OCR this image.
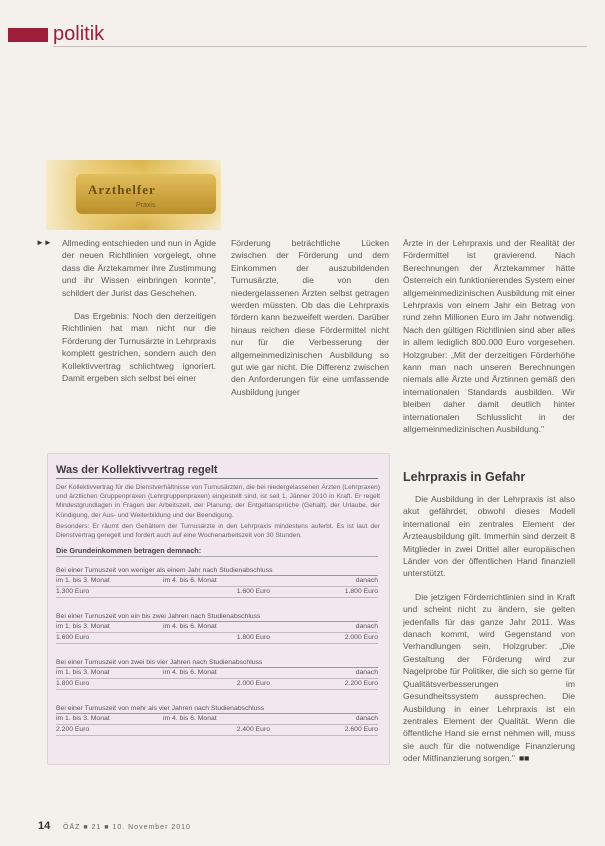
politik
Arzthelfer
Praxis
►► Allmeding entschieden und nun in Ägide der neuen Richtlinien vorgelegt, ohne dass die Ärztekammer ihre Zustimmung und ihr Wissen einbringen konnte", schildert der Jurist das Geschehen.

Das Ergebnis: Noch den derzeitigen Richtlinien hat man nicht nur die Förderung der Turnusärzte in Lehrpraxis komplett gestrichen, sondern auch den Kollektivvertrag schlichtweg ignoriert. Damit ergeben sich selbst bei einer

Förderung beträchtliche Lücken zwischen der Förderung und dem Einkommen der auszubildenden Turnusärzte, die von den niedergelassenen Ärzten selbst getragen werden müssten. Ob das die Lehrpraxis fördern kann bezweifelt werden. Darüber hinaus reichen diese Fördermittel nicht nur für die Verbesserung der allgemeinmedizinischen Ausbildung so gut wie gar nicht. Die Differenz zwischen den Anforderungen für eine umfassende Ausbildung junger

Ärzte in der Lehrpraxis und der Realität der Fördermittel ist gravierend. Nach Berechnungen der Ärztekammer hätte Österreich ein funktionierendes System einer allgemeinmedizinischen Ausbildung mit einer Lehrpraxis von einem Jahr ein Betrag von rund zehn Millionen Euro im Jahr notwendig. Nach den gültigen Richtlinien sind aber alles in allem lediglich 800.000 Euro vorgesehen. Holzgruber: „Mit der derzeitigen Förderhöhe kann man nach unseren Berechnungen niemals alle Ärzte und Ärztinnen gemäß den internationalen Standards ausbilden. Wir bleiben daher damit deutlich hinter internationalen Schlusslicht in der allgemeinmedizinischen Ausbildung."

Lehrpraxis in Gefahr

Die Ausbildung in der Lehrpraxis ist also akut gefährdet, obwohl dieses Modell international ein zentrales Element der Ärzteausbildung gilt. Immerhin sind derzeit 8 Mitglieder in zwei Drittel aller europäischen Länder von der öffentlichen Hand finanziell unterstützt.

Die jetzigen Förderrichtlinien sind in Kraft und scheint nicht zu ändern, sie gelten jedenfalls für das ganze Jahr 2011. Was danach kommt, wird Gegenstand von Verhandlungen sein, Holzgruber: „Die Gestaltung der Förderung wird zur Nagelprobe für Politiker, die sich so gerne für Qualitätsverbesserungen im Gesundheitssystem aussprechen. Die Ausbildung in einer Lehrpraxis ist ein zentrales Element der Qualität. Wenn die öffentliche Hand sie ernst nehmen will, muss sie auch für die notwendige Finanzierung oder Mitfinanzierung sorgen." ■■

Was der Kollektivvertrag regelt
Der Kollektivvertrag für die Dienstverhältnisse von Turnusärzten, die bei niedergelassenen Ärzten (Lehrpraxen) und ärztlichen Gruppenpraxen (Lehrgruppenpraxen) eingestellt sind, ist seit 1. Jänner 2010 in Kraft. Er regelt Mindestgrundlagen in Fragen der Arbeitszeit, der Planung, der Entgeltansprüche (Gehalt), der Urlaube, der Kündigung, der Aus- und Weiterbildung und der Beendigung.
Besonders: Er räumt den Gehältern der Turnusärzte in den Lehrpraxis mindestens auferbt. Es ist laut der Dienstvertrag geregelt und fordert auch auf eine Wochenarbeitszeit von 30 Stunden.
Die Grundeinkommen betragen demnach:
Bei einer Turnuszeit von weniger als einem Jahr nach Studienabschluss
im 1. bis 3. Monat	im 4. bis 6. Monat	danach
1.300 Euro	1.600 Euro	1.800 Euro
Bei einer Turnuszeit von ein bis zwei Jahren nach Studienabschluss
im 1. bis 3. Monat	im 4. bis 6. Monat	danach
1.600 Euro	1.800 Euro	2.000 Euro
Bei einer Turnuszeit von zwei bis vier Jahren nach Studienabschluss
im 1. bis 3. Monat	im 4. bis 6. Monat	danach
1.800 Euro	2.000 Euro	2.200 Euro
Bei einer Turnuszeit von mehr als vier Jahren nach Studienabschluss
im 1. bis 3. Monat	im 4. bis 6. Monat	danach
2.200 Euro	2.400 Euro	2.600 Euro
14 ÖÄZ ■ 21 ■ 10. November 2010
